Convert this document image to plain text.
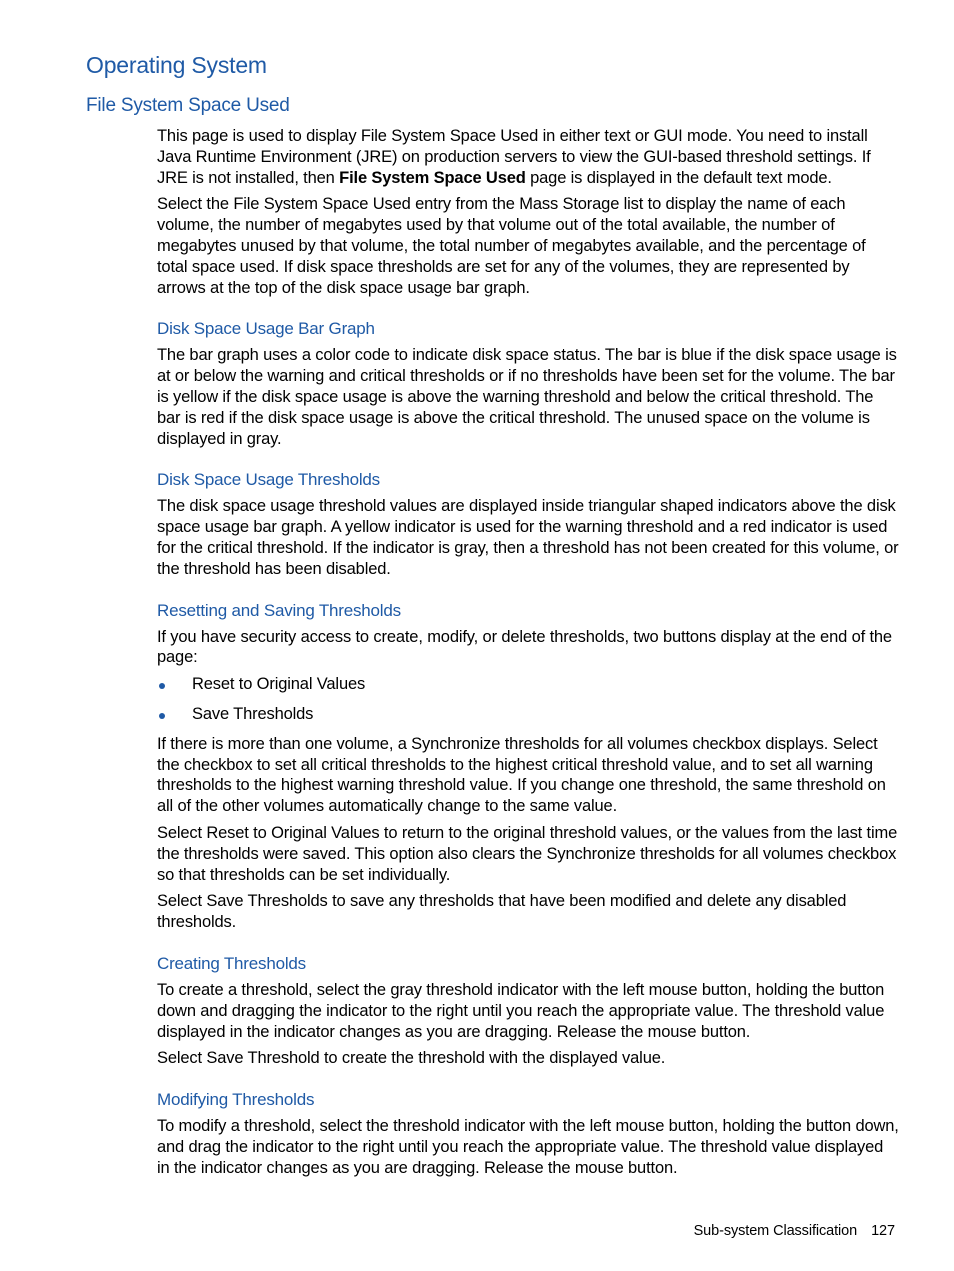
Operating System
File System Space Used

This page is used to display File System Space Used in either text or GUI mode. You need to install Java Runtime Environment (JRE) on production servers to view the GUI-based threshold settings. If JRE is not installed, then File System Space Used page is displayed in the default text mode.

Select the File System Space Used entry from the Mass Storage list to display the name of each volume, the number of megabytes used by that volume out of the total available, the number of megabytes unused by that volume, the total number of megabytes available, and the percentage of total space used. If disk space thresholds are set for any of the volumes, they are represented by arrows at the top of the disk space usage bar graph.

Disk Space Usage Bar Graph

The bar graph uses a color code to indicate disk space status. The bar is blue if the disk space usage is at or below the warning and critical thresholds or if no thresholds have been set for the volume. The bar is yellow if the disk space usage is above the warning threshold and below the critical threshold. The bar is red if the disk space usage is above the critical threshold. The unused space on the volume is displayed in gray.

Disk Space Usage Thresholds

The disk space usage threshold values are displayed inside triangular shaped indicators above the disk space usage bar graph. A yellow indicator is used for the warning threshold and a red indicator is used for the critical threshold. If the indicator is gray, then a threshold has not been created for this volume, or the threshold has been disabled.

Resetting and Saving Thresholds

If you have security access to create, modify, or delete thresholds, two buttons display at the end of the page:

Reset to Original Values
Save Thresholds

If there is more than one volume, a Synchronize thresholds for all volumes checkbox displays. Select the checkbox to set all critical thresholds to the highest critical threshold value, and to set all warning thresholds to the highest warning threshold value. If you change one threshold, the same threshold on all of the other volumes automatically change to the same value.

Select Reset to Original Values to return to the original threshold values, or the values from the last time the thresholds were saved. This option also clears the Synchronize thresholds for all volumes checkbox so that thresholds can be set individually.

Select Save Thresholds to save any thresholds that have been modified and delete any disabled thresholds.

Creating Thresholds

To create a threshold, select the gray threshold indicator with the left mouse button, holding the button down and dragging the indicator to the right until you reach the appropriate value. The threshold value displayed in the indicator changes as you are dragging. Release the mouse button.

Select Save Threshold to create the threshold with the displayed value.

Modifying Thresholds

To modify a threshold, select the threshold indicator with the left mouse button, holding the button down, and drag the indicator to the right until you reach the appropriate value. The threshold value displayed in the indicator changes as you are dragging. Release the mouse button.

Sub-system Classification 127
